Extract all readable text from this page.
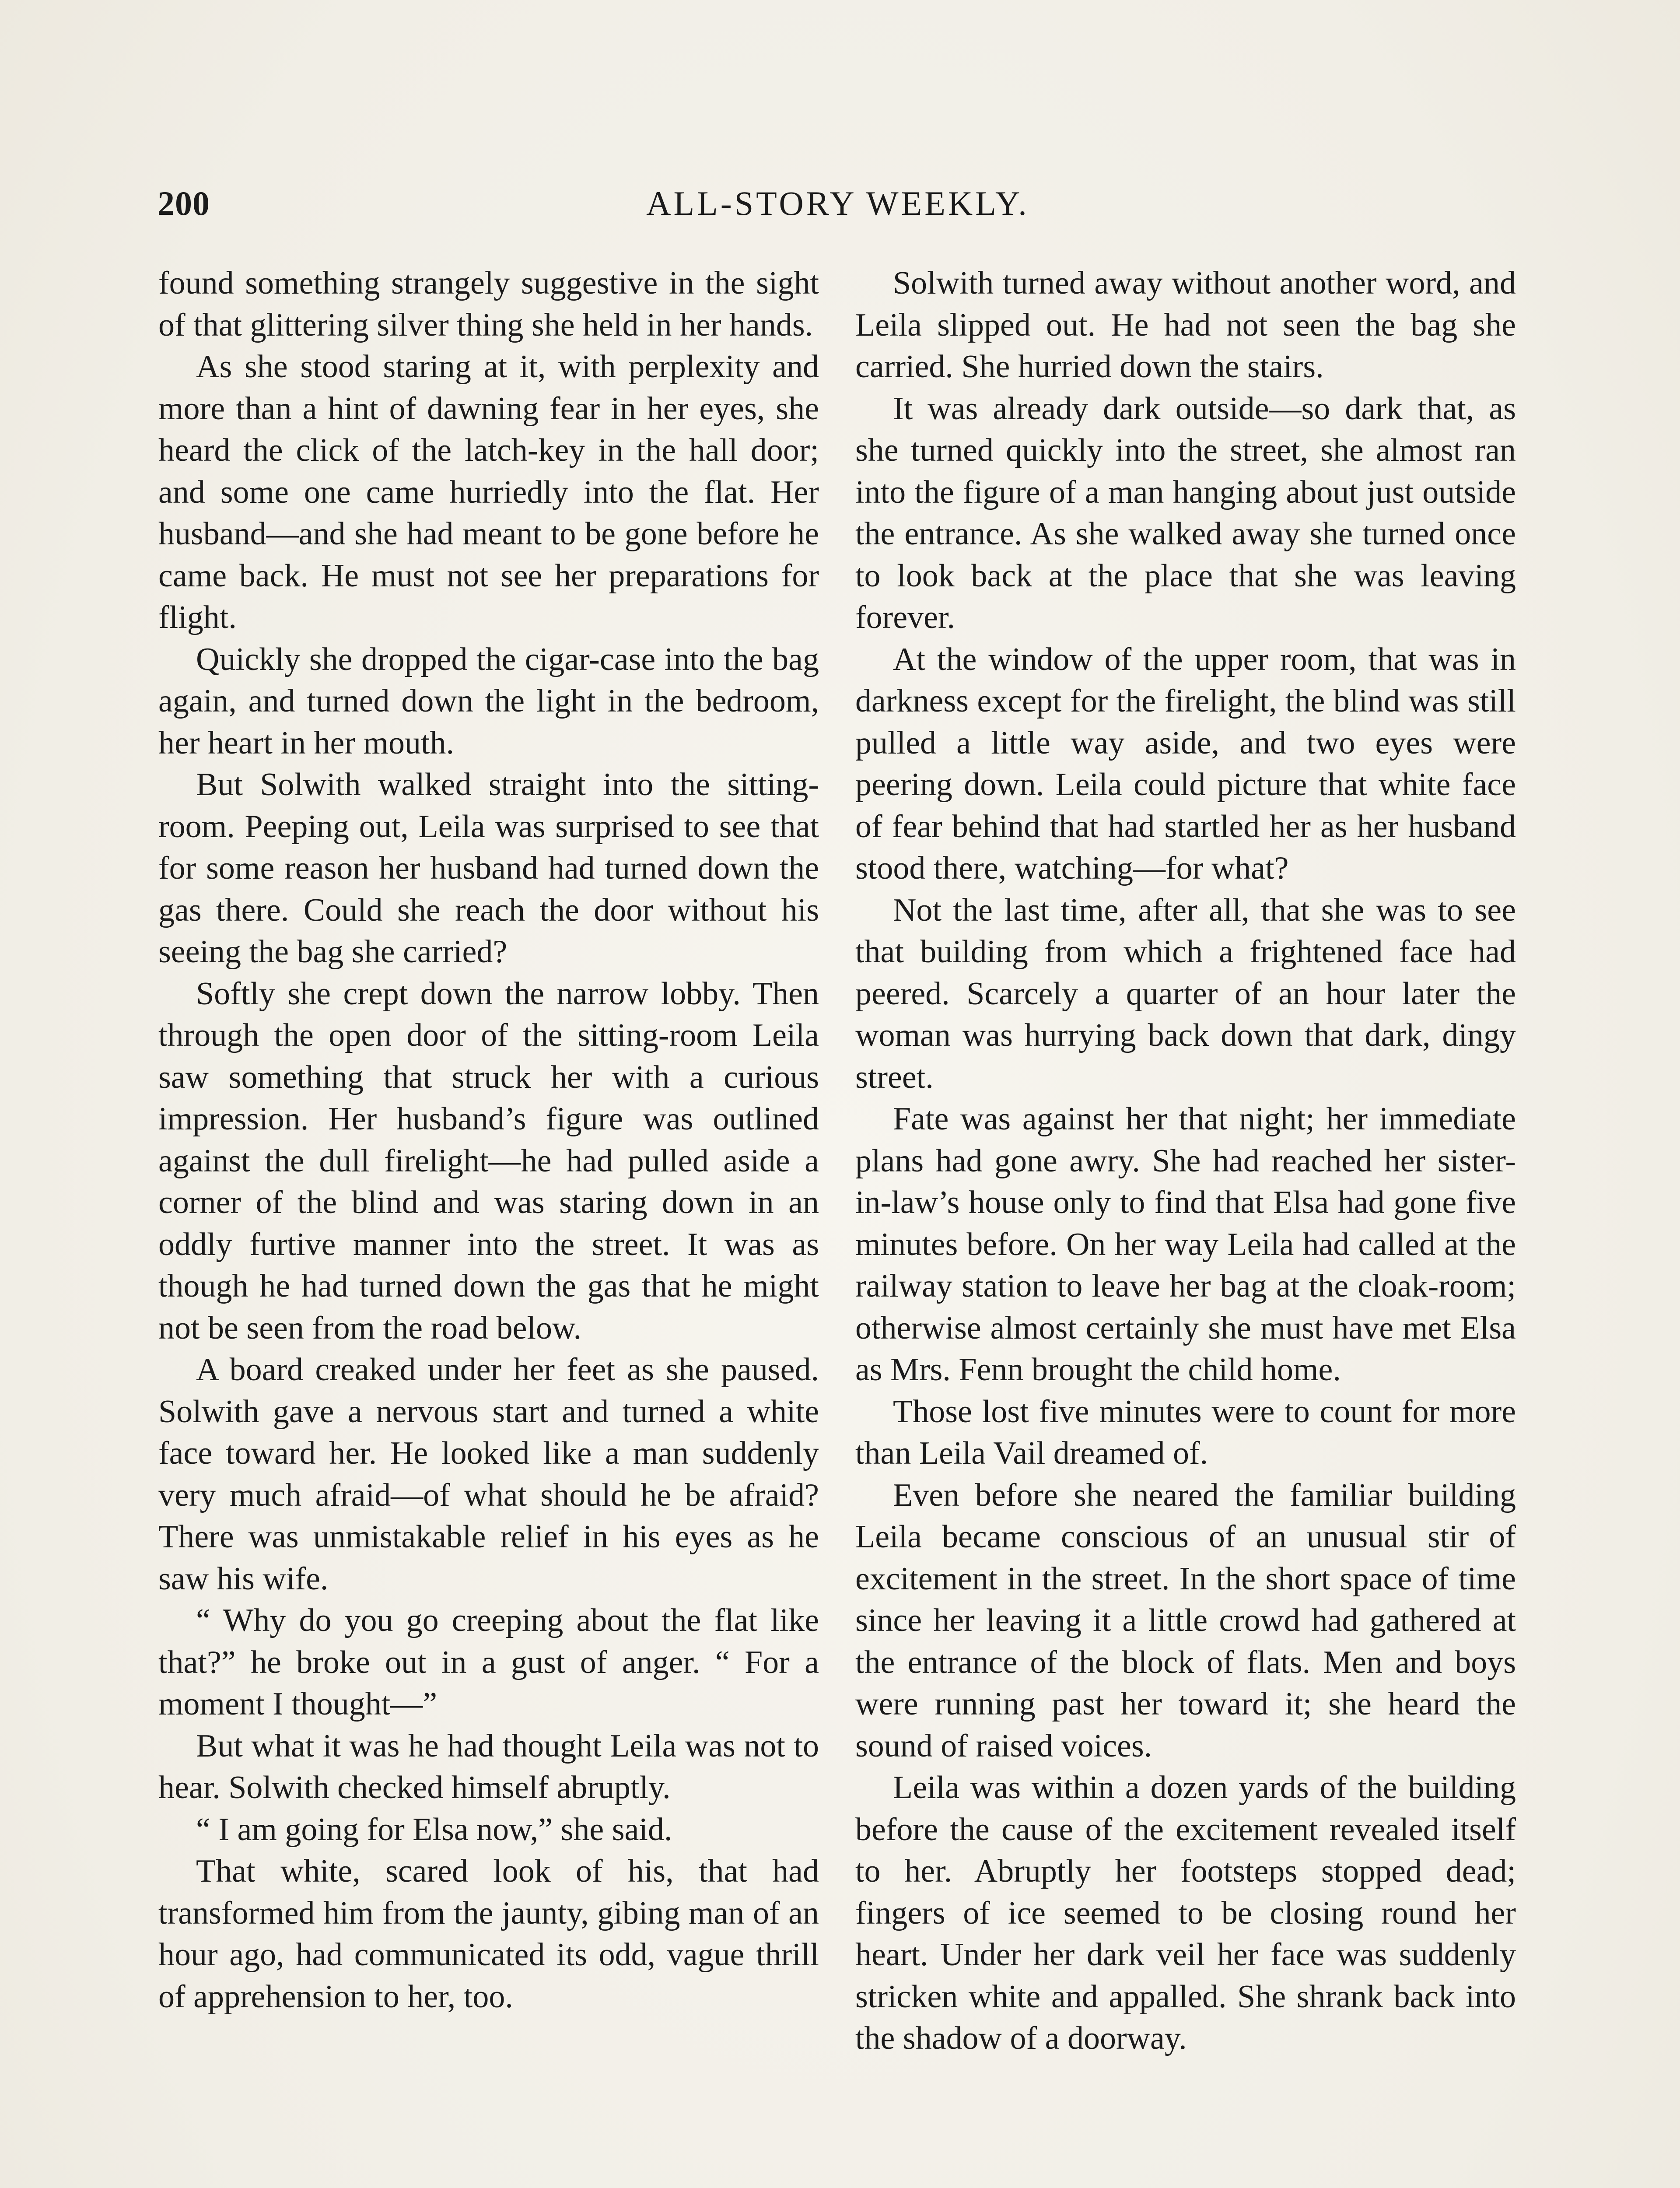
200	ALL-STORY WEEKLY.

found something strangely suggestive in the sight of that glittering silver thing she held in her hands.

As she stood staring at it, with perplexity and more than a hint of dawning fear in her eyes, she heard the click of the latch-key in the hall door; and some one came hurriedly into the flat. Her husband—and she had meant to be gone before he came back. He must not see her preparations for flight.

Quickly she dropped the cigar-case into the bag again, and turned down the light in the bedroom, her heart in her mouth.

But Solwith walked straight into the sitting-room. Peeping out, Leila was surprised to see that for some reason her husband had turned down the gas there. Could she reach the door without his seeing the bag she carried?

Softly she crept down the narrow lobby. Then through the open door of the sitting-room Leila saw something that struck her with a curious impression. Her husband’s figure was outlined against the dull firelight—he had pulled aside a corner of the blind and was staring down in an oddly furtive manner into the street. It was as though he had turned down the gas that he might not be seen from the road below.

A board creaked under her feet as she paused. Solwith gave a nervous start and turned a white face toward her. He looked like a man suddenly very much afraid—of what should he be afraid? There was unmistakable relief in his eyes as he saw his wife.

“ Why do you go creeping about the flat like that?” he broke out in a gust of anger. “ For a moment I thought—”

But what it was he had thought Leila was not to hear. Solwith checked himself abruptly.

“ I am going for Elsa now,” she said.

That white, scared look of his, that had transformed him from the jaunty, gibing man of an hour ago, had communicated its odd, vague thrill of apprehension to her, too.

Solwith turned away without another word, and Leila slipped out. He had not seen the bag she carried. She hurried down the stairs.

It was already dark outside—so dark that, as she turned quickly into the street, she almost ran into the figure of a man hanging about just outside the entrance. As she walked away she turned once to look back at the place that she was leaving forever.

At the window of the upper room, that was in darkness except for the firelight, the blind was still pulled a little way aside, and two eyes were peering down. Leila could picture that white face of fear behind that had startled her as her husband stood there, watching—for what?

Not the last time, after all, that she was to see that building from which a frightened face had peered. Scarcely a quarter of an hour later the woman was hurrying back down that dark, dingy street.

Fate was against her that night; her immediate plans had gone awry. She had reached her sister-in-law’s house only to find that Elsa had gone five minutes before. On her way Leila had called at the railway station to leave her bag at the cloak-room; otherwise almost certainly she must have met Elsa as Mrs. Fenn brought the child home.

Those lost five minutes were to count for more than Leila Vail dreamed of.

Even before she neared the familiar building Leila became conscious of an unusual stir of excitement in the street. In the short space of time since her leaving it a little crowd had gathered at the entrance of the block of flats. Men and boys were running past her toward it; she heard the sound of raised voices.

Leila was within a dozen yards of the building before the cause of the excitement revealed itself to her. Abruptly her footsteps stopped dead; fingers of ice seemed to be closing round her heart. Under her dark veil her face was suddenly stricken white and appalled. She shrank back into the shadow of a doorway.
